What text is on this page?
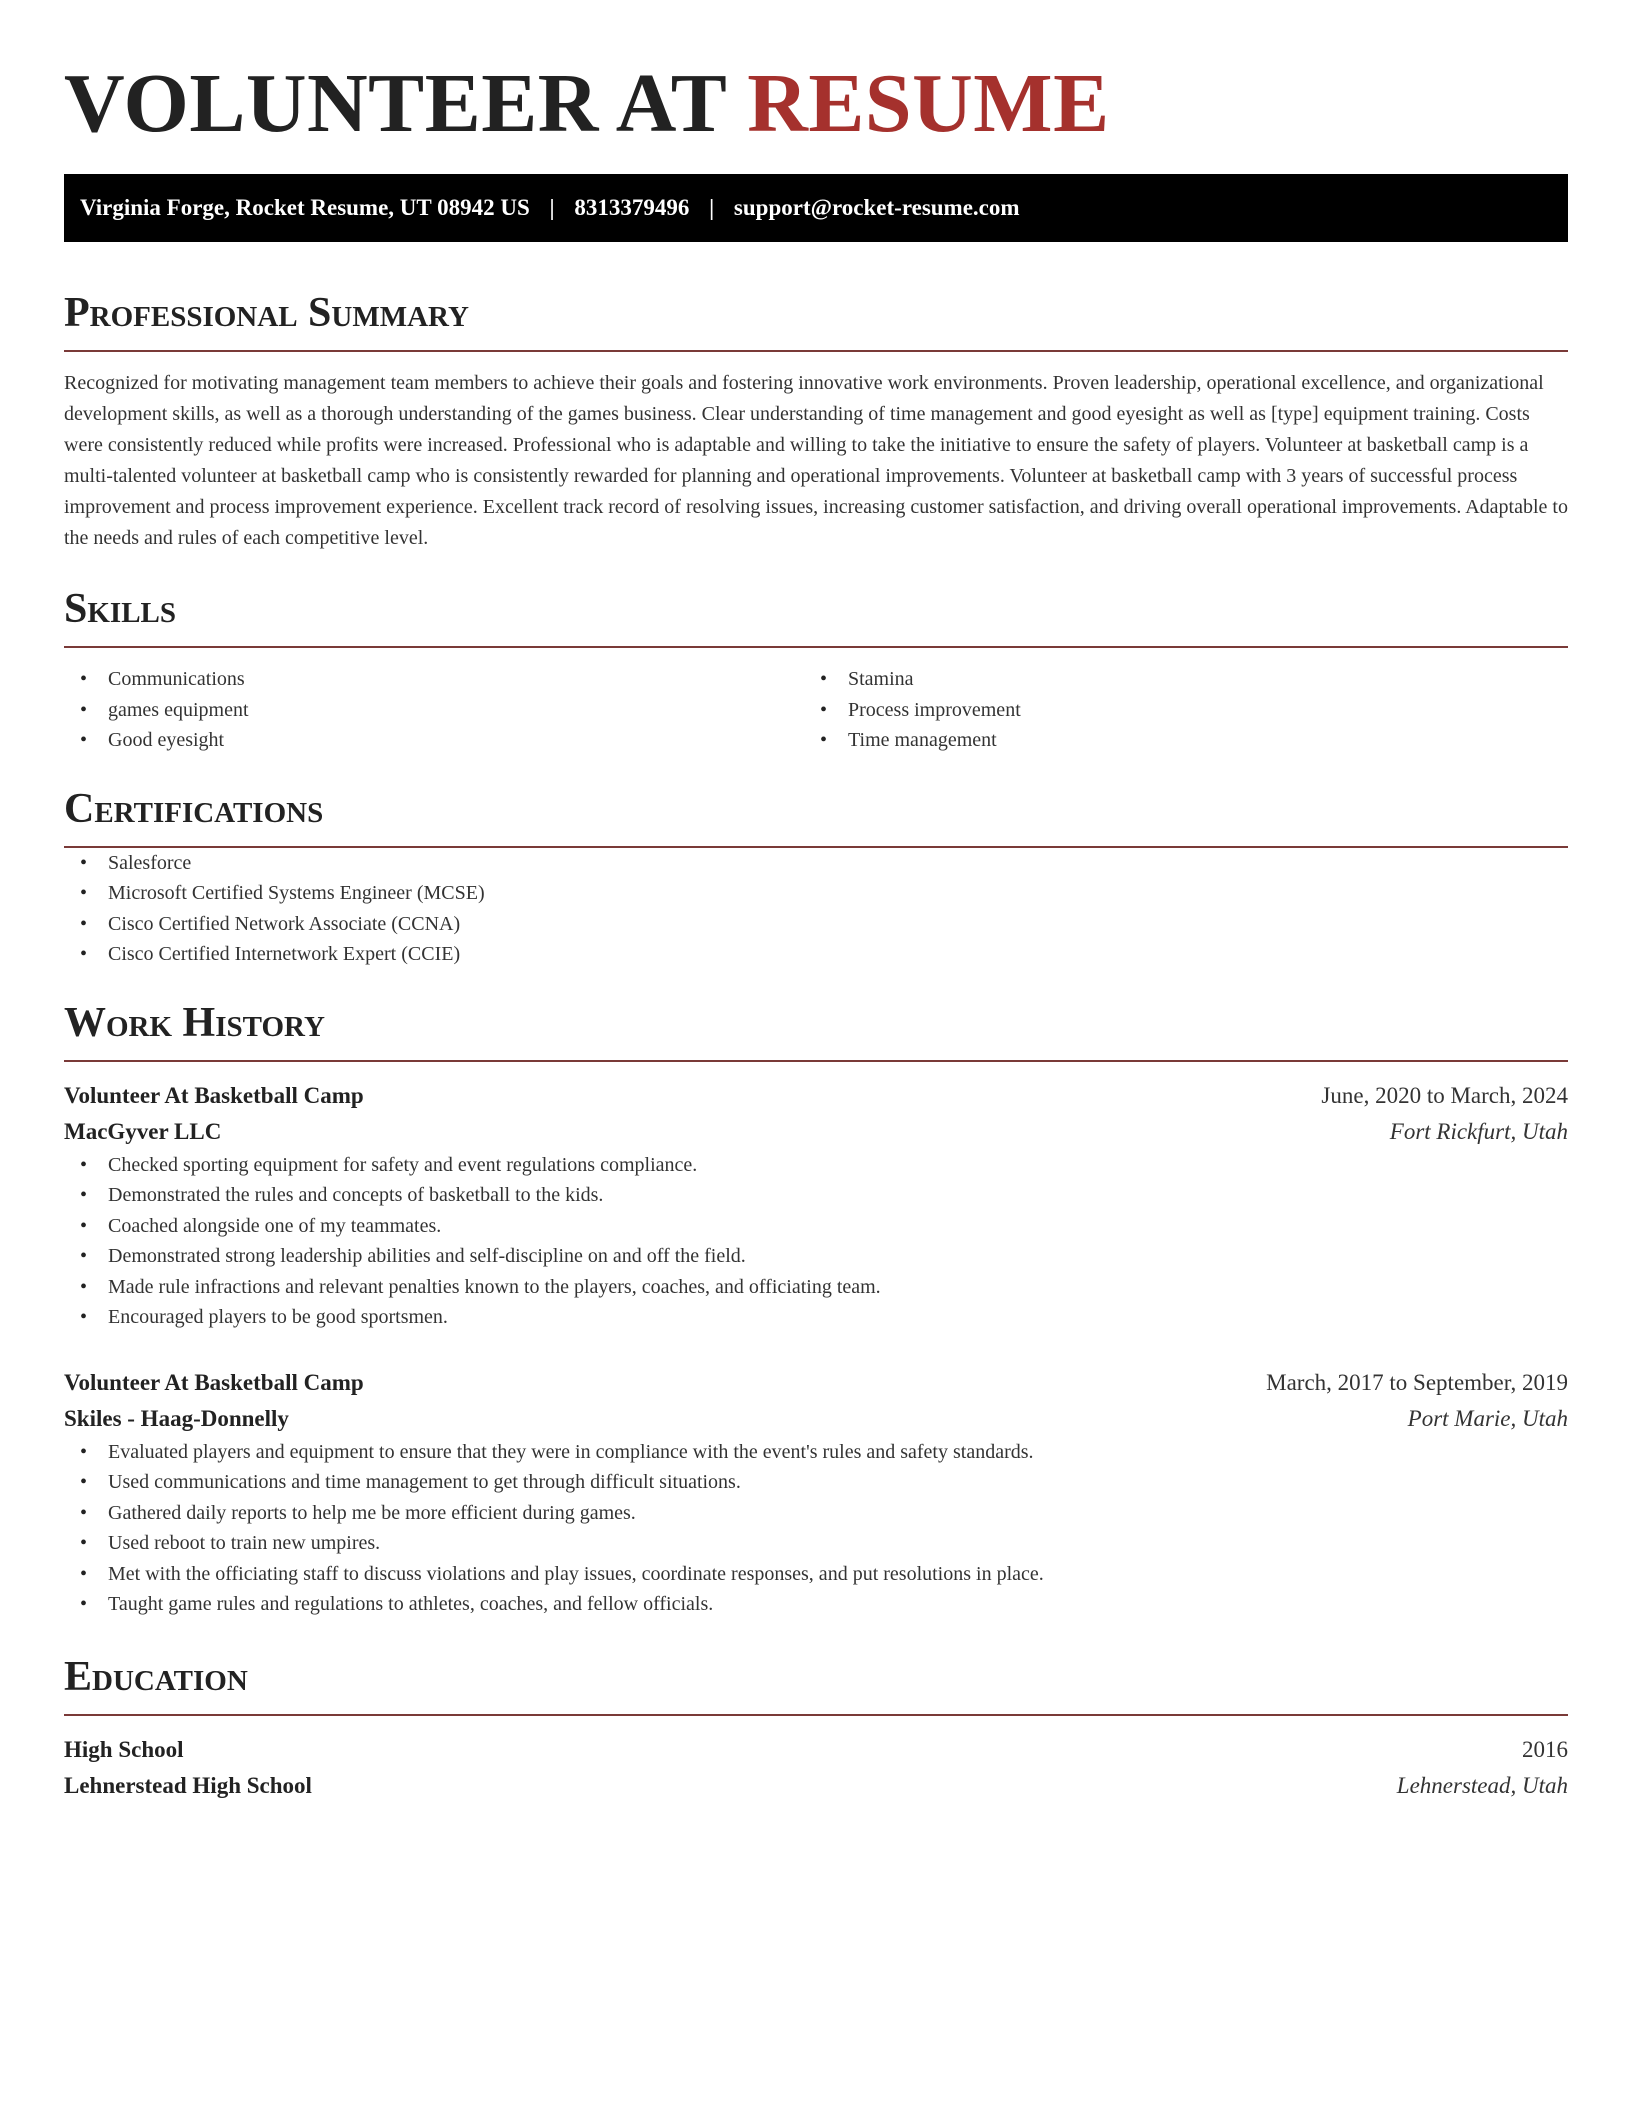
VOLUNTEER AT RESUME
Virginia Forge, Rocket Resume, UT 08942 US | 8313379496 | support@rocket-resume.com
Professional Summary

Recognized for motivating management team members to achieve their goals and fostering innovative work environments. Proven leadership, operational excellence, and organizational development skills, as well as a thorough understanding of the games business. Clear understanding of time management and good eyesight as well as [type] equipment training. Costs were consistently reduced while profits were increased. Professional who is adaptable and willing to take the initiative to ensure the safety of players. Volunteer at basketball camp is a multi-talented volunteer at basketball camp who is consistently rewarded for planning and operational improvements. Volunteer at basketball camp with 3 years of successful process improvement and process improvement experience. Excellent track record of resolving issues, increasing customer satisfaction, and driving overall operational improvements. Adaptable to the needs and rules of each competitive level.

Skills
• Communications
• games equipment
• Good eyesight
• Stamina
• Process improvement
• Time management
Certifications
• Salesforce
• Microsoft Certified Systems Engineer (MCSE)
• Cisco Certified Network Associate (CCNA)
• Cisco Certified Internetwork Expert (CCIE)
Work History
Volunteer At Basketball Camp	June, 2020 to March, 2024
MacGyver LLC	Fort Rickfurt, Utah
• Checked sporting equipment for safety and event regulations compliance.
• Demonstrated the rules and concepts of basketball to the kids.
• Coached alongside one of my teammates.
• Demonstrated strong leadership abilities and self-discipline on and off the field.
• Made rule infractions and relevant penalties known to the players, coaches, and officiating team.
• Encouraged players to be good sportsmen.
Volunteer At Basketball Camp	March, 2017 to September, 2019
Skiles - Haag-Donnelly	Port Marie, Utah
• Evaluated players and equipment to ensure that they were in compliance with the event's rules and safety standards.
• Used communications and time management to get through difficult situations.
• Gathered daily reports to help me be more efficient during games.
• Used reboot to train new umpires.
• Met with the officiating staff to discuss violations and play issues, coordinate responses, and put resolutions in place.
• Taught game rules and regulations to athletes, coaches, and fellow officials.
Education
High School	2016
Lehnerstead High School	Lehnerstead, Utah
